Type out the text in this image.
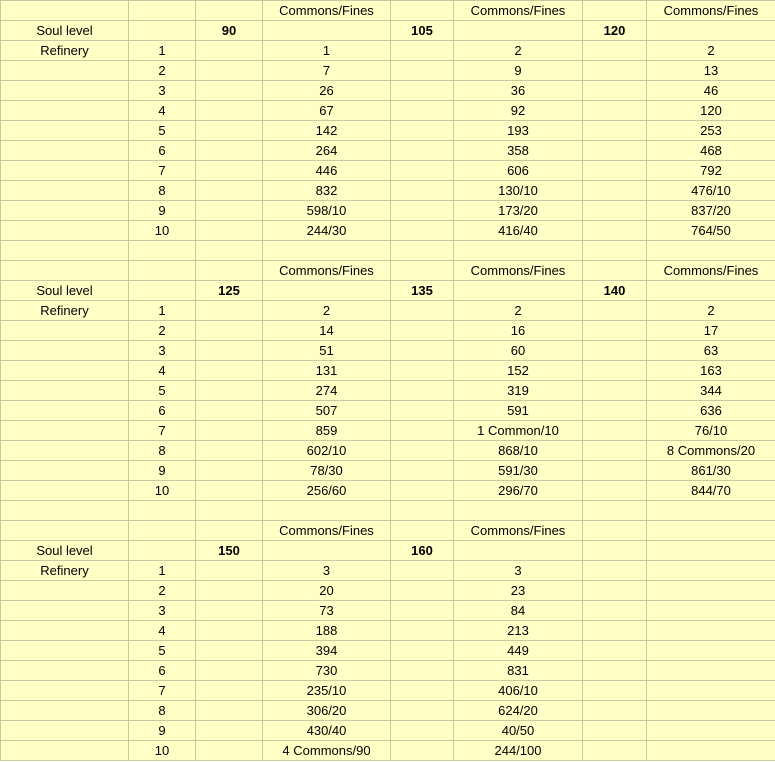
			Commons/Fines		Commons/Fines		Commons/Fines
Soul level		90		105		120	
Refinery	1		1		2		2
	2		7		9		13
	3		26		36		46
	4		67		92		120
	5		142		193		253
	6		264		358		468
	7		446		606		792
	8		832		130/10		476/10
	9		598/10		173/20		837/20
	10		244/30		416/40		764/50

			Commons/Fines		Commons/Fines		Commons/Fines
Soul level		125		135		140	
Refinery	1		2		2		2
	2		14		16		17
	3		51		60		63
	4		131		152		163
	5		274		319		344
	6		507		591		636
	7		859		1 Common/10		76/10
	8		602/10		868/10		8 Commons/20
	9		78/30		591/30		861/30
	10		256/60		296/70		844/70

			Commons/Fines		Commons/Fines		
Soul level		150		160			
Refinery	1		3		3		
	2		20		23		
	3		73		84		
	4		188		213		
	5		394		449		
	6		730		831		
	7		235/10		406/10		
	8		306/20		624/20		
	9		430/40		40/50		
	10		4 Commons/90		244/100		
